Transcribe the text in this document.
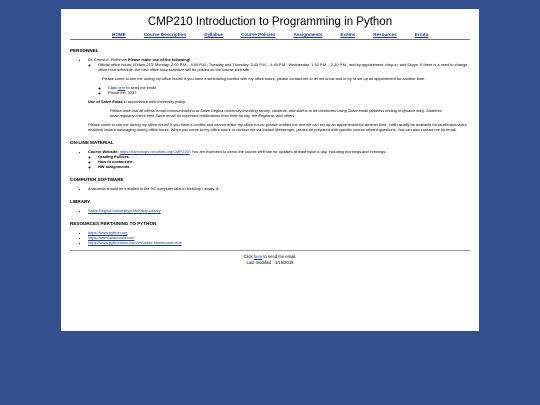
CMP210 Introduction to Programming in Python
HOME	Course Description	Syllabus	Course Policies	Assignments	Exams	Resources	Errata
PERSONNEL
• Dr. Ernest E. Rothman Please make use of the following!
◦ Official office hours: O'Hare 213: Monday: 2:00 P.M. - 4:00 P.M.; Tuesday and Thursday: 3:45 P.M. - 4:45 P.M.; Wednesday: 1:30 P.M. - 2:30 P.M., and by appointment, drop-in, and Skype. If there is a need to change office hour schedule, the new office hour schedule will be posted on the course web site.
Please come to see me during my office hours! If you have a scheduling conflict with my office hours, please contact me to let me know and to try to set up an appointment for another time.
◦ Click here to send me email.
◦ Phone ext. 3237.
Use of Salve Email in accordance with University policy:
Please note that all official email communications at Salve Regina University involving faculty, students, and staff is to be conducted using Salve email (address ending in @salve.edu). Students must regularly check their Salve email for important notifications from their faculty, the Registrar, and others.
Please come to see me during my office hours! If you have a conflict and cannot make my office hours, please contact me and we can set up an appointment for another time. I will usually be available for (audio and video enabled) instant messaging during office hours. When you come to my office hours or contact me via Instant Messenger, please be prepared with specific course-related questions. You can also contact me by email.
ON-LINE MATERIAL
• Course Website: https://samchops.neocities.org/CMP210/. You are expected to check the course web site for updates at least twice a day, including mornings and evenings.
◦ Grading Policies.
◦ How to contact me.
◦ HW assignments.
COMPUTER SOFTWARE
• Anaconda should be installed in the PC computer labs in McKillop Library. A
LIBRARY
• Salve Regina University's McKillop Library
RESOURCES PERTAINING TO PYTHON
• https://www.python.org
• https://www.anaconda.com
• https://www.pythontutor.com/visualize.html#mode=edit
Click here to send me email.
Last modified : 1/19/2018
